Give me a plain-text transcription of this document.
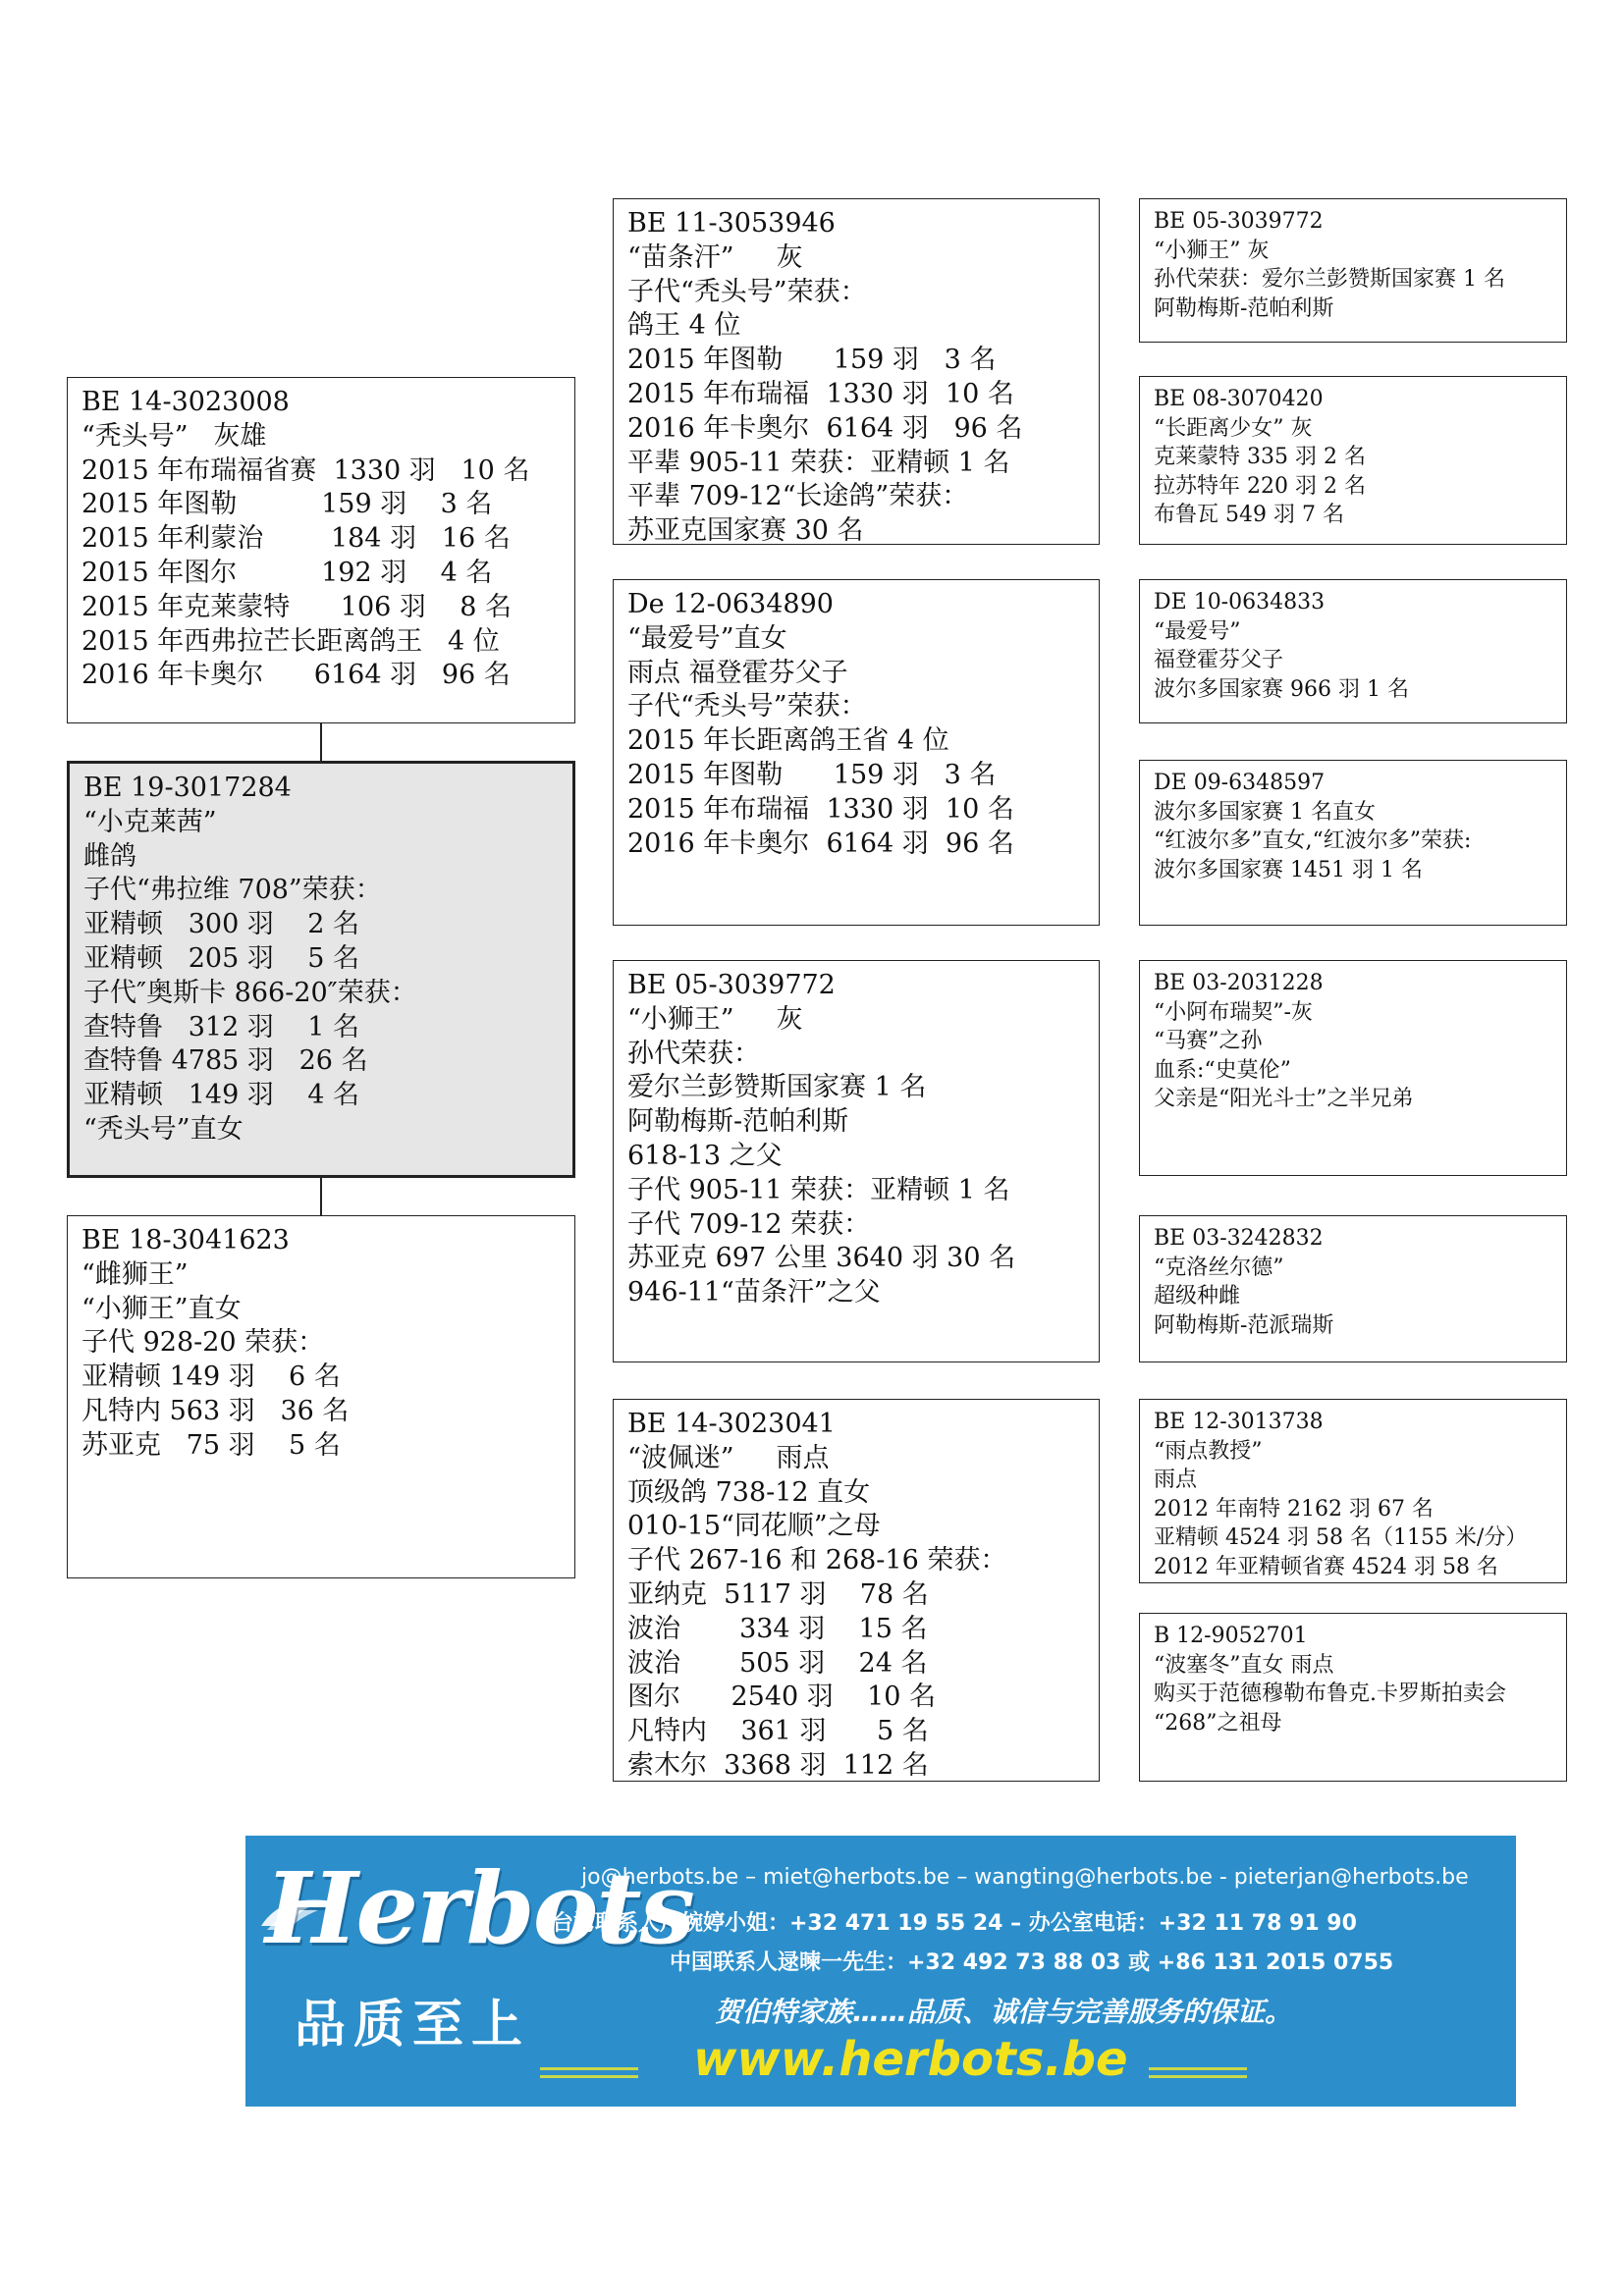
BE 14-3023008
“秃头号”   灰雄
2015 年布瑞福省赛  1330 羽   10 名
2015 年图勒          159 羽    3 名
2015 年利蒙治        184 羽   16 名
2015 年图尔          192 羽    4 名
2015 年克莱蒙特      106 羽    8 名
2015 年西弗拉芒长距离鸽王   4 位
2016 年卡奥尔      6164 羽   96 名
BE 19-3017284
“小克莱茜”
雌鸽
子代“弗拉维 708”荣获：
亚精顿   300 羽    2 名
亚精顿   205 羽    5 名
子代″奥斯卡 866-20″荣获：
查特鲁   312 羽    1 名
查特鲁 4785 羽   26 名
亚精顿   149 羽    4 名
“秃头号”直女
BE 18-3041623
“雌狮王”
“小狮王”直女
子代 928-20 荣获：
亚精顿 149 羽    6 名
凡特内 563 羽   36 名
苏亚克   75 羽    5 名
BE 11-3053946
“苗条汗”     灰
子代“秃头号”荣获：
鸽王 4 位
2015 年图勒      159 羽   3 名
2015 年布瑞福  1330 羽  10 名
2016 年卡奥尔  6164 羽   96 名
平辈 905-11 荣获：亚精顿 1 名
平辈 709-12“长途鸽”荣获：
苏亚克国家赛 30 名
De 12-0634890
“最爱号”直女
雨点 福登霍芬父子
子代“秃头号”荣获：
2015 年长距离鸽王省 4 位
2015 年图勒      159 羽   3 名
2015 年布瑞福  1330 羽  10 名
2016 年卡奥尔  6164 羽  96 名
BE 05-3039772
“小狮王”     灰
孙代荣获：
爱尔兰彭赞斯国家赛 1 名
阿勒梅斯-范帕利斯
618-13 之父
子代 905-11 荣获：亚精顿 1 名
子代 709-12 荣获：
苏亚克 697 公里 3640 羽 30 名
946-11“苗条汗”之父
BE 14-3023041
“波佩迷”     雨点
顶级鸽 738-12 直女
010-15“同花顺”之母
子代 267-16 和 268-16 荣获：
亚纳克  5117 羽    78 名
波治       334 羽    15 名
波治       505 羽    24 名
图尔      2540 羽    10 名
凡特内    361 羽      5 名
索木尔  3368 羽  112 名
BE 05-3039772
“小狮王” 灰
孙代荣获：爱尔兰彭赞斯国家赛 1 名
阿勒梅斯-范帕利斯
BE 08-3070420
“长距离少女” 灰
克莱蒙特 335 羽 2 名
拉苏特年 220 羽 2 名
布鲁瓦 549 羽 7 名
DE 10-0634833
“最爱号”
福登霍芬父子
波尔多国家赛 966 羽 1 名
DE 09-6348597
波尔多国家赛 1 名直女
“红波尔多”直女,“红波尔多”荣获:
波尔多国家赛 1451 羽 1 名
BE 03-2031228
“小阿布瑞契”-灰
“马赛”之孙
血系:“史莫伦”
父亲是“阳光斗士”之半兄弟
BE 03-3242832
“克洛丝尔德”
超级种雌
阿勒梅斯-范派瑞斯
BE 12-3013738
“雨点教授”
雨点
2012 年南特 2162 羽 67 名
亚精顿 4524 羽 58 名（1155 米/分）
2012 年亚精顿省赛 4524 羽 58 名
B 12-9052701
“波塞冬”直女 雨点
购买于范德穆勒布鲁克.卡罗斯拍卖会
“268”之祖母
Herbots
品质至上
jo@herbots.be – miet@herbots.be – wangting@herbots.be - pieterjan@herbots.be
台湾联系人卢婉婷小姐：+32 471 19 55 24 – 办公室电话：+32 11 78 91 90
中国联系人逯暕一先生：+32 492 73 88 03 或 +86 131 2015 0755
贺伯特家族……品质、诚信与完善服务的保证。
www.herbots.be
